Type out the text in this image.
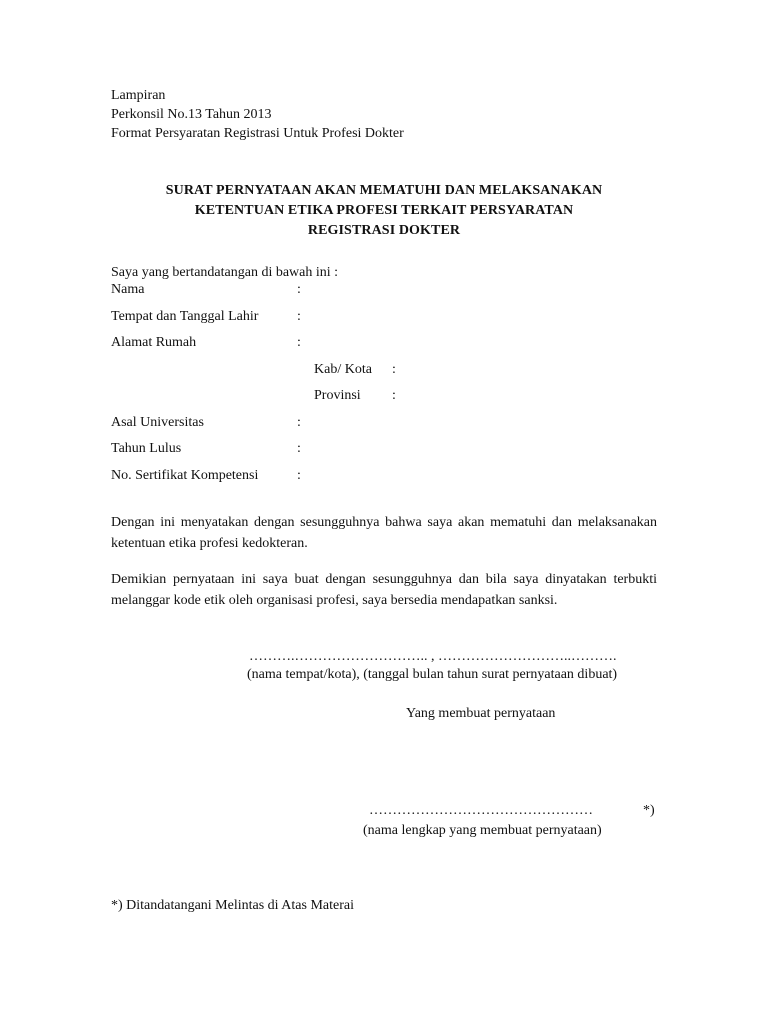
Lampiran
Perkonsil No.13 Tahun 2013
Format Persyaratan Registrasi Untuk Profesi Dokter
SURAT PERNYATAAN AKAN MEMATUHI DAN MELAKSANAKAN
KETENTUAN ETIKA PROFESI TERKAIT PERSYARATAN
REGISTRASI DOKTER
Saya yang bertandatangan di bawah ini :
Nama	:
Tempat dan Tanggal Lahir	:
Alamat Rumah	:
Kab/ Kota :
Provinsi :
Asal Universitas	:
Tahun Lulus	:
No. Sertifikat Kompetensi	:

Dengan ini menyatakan dengan sesungguhnya bahwa saya akan mematuhi dan melaksanakan ketentuan etika profesi kedokteran.

Demikian pernyataan ini saya buat dengan sesungguhnya dan bila saya dinyatakan terbukti melanggar kode etik oleh organisasi profesi, saya bersedia mendapatkan sanksi.

……….……………………….. , ………………………..……….
(nama tempat/kota), (tanggal bulan tahun surat pernyataan dibuat)
Yang membuat pernyataan
…………………………………………	*)
(nama lengkap yang membuat pernyataan)
*) Ditandatangani Melintas di Atas Materai
